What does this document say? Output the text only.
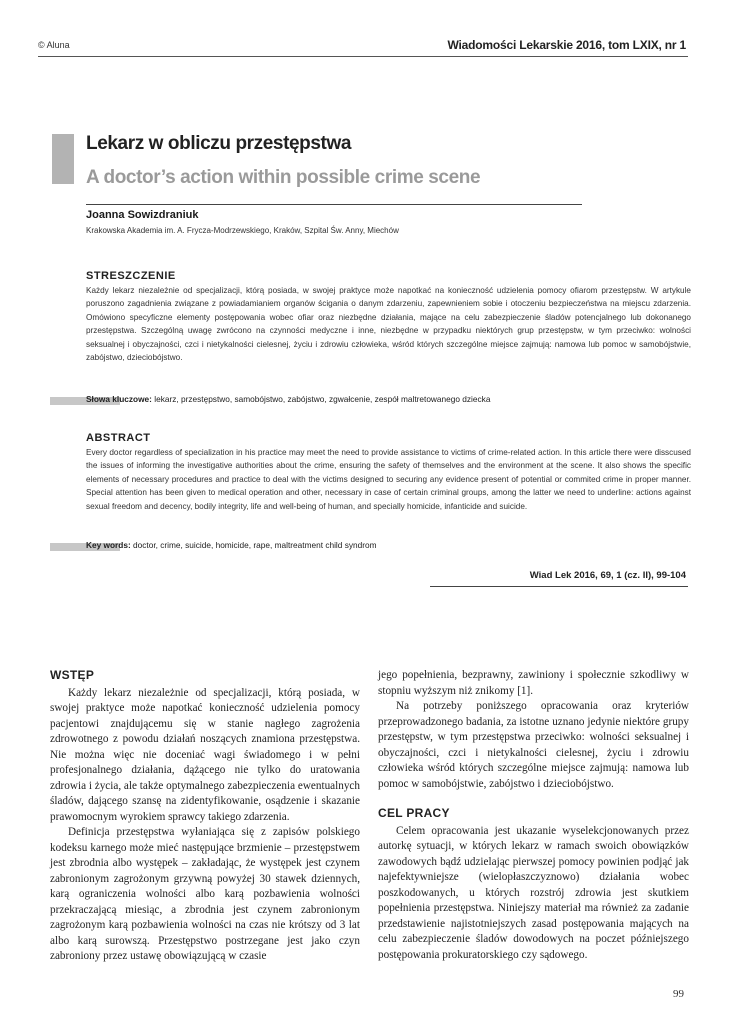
© Aluna	Wiadomości Lekarskie 2016, tom LXIX, nr 1
Lekarz w obliczu przestępstwa
A doctor’s action within possible crime scene
Joanna Sowizdraniuk
Krakowska Akademia im. A. Frycza-Modrzewskiego, Kraków, Szpital Św. Anny, Miechów
STRESZCZENIE
Każdy lekarz niezależnie od specjalizacji, którą posiada, w swojej praktyce może napotkać na konieczność udzielenia pomocy ofiarom przestępstw. W artykule poruszono zagadnienia związane z powiadamianiem organów ścigania o danym zdarzeniu, zapewnieniem sobie i otoczeniu bezpieczeństwa na miejscu zdarzenia. Omówiono specyficzne elementy postępowania wobec ofiar oraz niezbędne działania, mające na celu zabezpieczenie śladów potencjalnego lub dokonanego przestępstwa. Szczególną uwagę zwrócono na czynności medyczne i inne, niezbędne w przypadku niektórych grup przestępstw, w tym przeciwko: wolności seksualnej i obyczajności, czci i nietykalności cielesnej, życiu i zdrowiu człowieka, wśród których szczególne miejsce zajmują: namowa lub pomoc w samobójstwie, zabójstwo, dzieciobójstwo.
Słowa kluczowe: lekarz, przestępstwo, samobójstwo, zabójstwo, zgwałcenie, zespół maltretowanego dziecka
ABSTRACT
Every doctor regardless of specialization in his practice may meet the need to provide assistance to victims of crime-related action. In this article there were disscused the issues of informing the investigative authorities about the crime, ensuring the safety of themselves and the environment at the scene. It also shows the specific elements of necessary procedures and practice to deal with the victims designed to securing any evidence present of potential or commited crime in proper manner. Special attention has been given to medical operation and other, necessary in case of certain criminal groups, among the latter we need to underline: actions against sexual freedom and decency, bodily integrity, life and well-being of human, and specially homicide, infanticide and suicide.
Key words: doctor, crime, suicide, homicide, rape, maltreatment child syndrom
Wiad Lek 2016, 69, 1 (cz. II), 99-104
WSTĘP

Każdy lekarz niezależnie od specjalizacji, którą posiada, w swojej praktyce może napotkać konieczność udzielenia pomocy pacjentowi znajdującemu się w stanie nagłego zagrożenia zdrowotnego z powodu działań noszących znamiona przestępstwa. Nie można więc nie doceniać wagi świadomego i w pełni profesjonalnego działania, dążącego nie tylko do uratowania zdrowia i życia, ale także optymalnego zabezpieczenia ewentualnych śladów, dającego szansę na zidentyfikowanie, osądzenie i skazanie prawomocnym wyrokiem sprawcy takiego zdarzenia.

Definicja przestępstwa wyłaniająca się z zapisów polskiego kodeksu karnego może mieć następujące brzmienie – przestępstwem jest zbrodnia albo występek – zakładając, że występek jest czynem zabronionym zagrożonym grzywną powyżej 30 stawek dziennych, karą ograniczenia wolności albo karą pozbawienia wolności przekraczającą miesiąc, a zbrodnia jest czynem zabronionym zagrożonym karą pozbawienia wolności na czas nie krótszy od 3 lat albo karą surowszą. Przestępstwo postrzegane jest jako czyn zabroniony przez ustawę obowiązującą w czasie

jego popełnienia, bezprawny, zawiniony i społecznie szkodliwy w stopniu wyższym niż znikomy [1].

Na potrzeby poniższego opracowania oraz kryteriów przeprowadzonego badania, za istotne uznano jedynie niektóre grupy przestępstw, w tym przestępstwa przeciwko: wolności seksualnej i obyczajności, czci i nietykalności cielesnej, życiu i zdrowiu człowieka wśród których szczególne miejsce zajmują: namowa lub pomoc w samobójstwie, zabójstwo i dzieciobójstwo.

CEL PRACY

Celem opracowania jest ukazanie wyselekcjonowanych przez autorkę sytuacji, w których lekarz w ramach swoich obowiązków zawodowych bądź udzielając pierwszej pomocy powinien podjąć jak najefektywniejsze (wielopłaszczyznowo) działania wobec poszkodowanych, u których rozstrój zdrowia jest skutkiem popełnienia przestępstwa. Niniejszy materiał ma również za zadanie przedstawienie najistotniejszych zasad postępowania mających na celu zabezpieczenie śladów dowodowych na poczet późniejszego postępowania prokuratorskiego czy sądowego.

99
